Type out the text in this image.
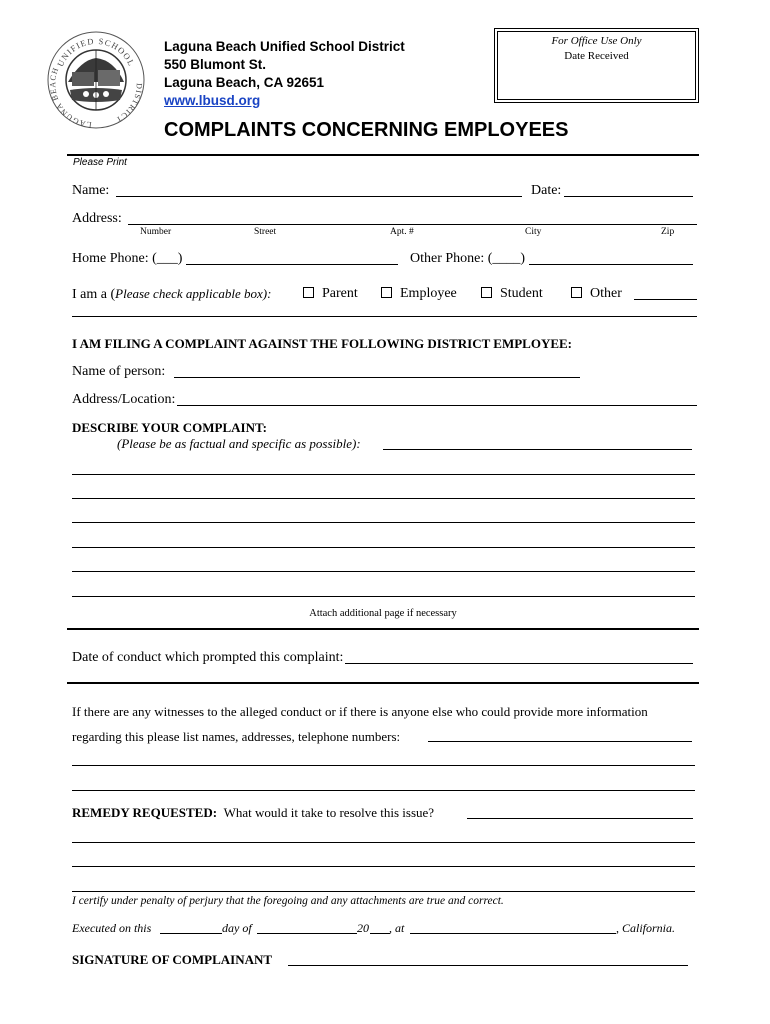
UNIFIED SCHOOL
LAGUNA BEACH
DISTRICT
Laguna Beach Unified School District
550 Blumont St.
Laguna Beach, CA 92651
www.lbusd.org
For Office Use Only
Date Received
COMPLAINTS CONCERNING EMPLOYEES
Please Print
Name:	Date:
Address:
Number	Street	Apt. #	City	Zip
Home Phone: (___)	Other Phone: (____)
I am a (Please check applicable box):	Parent	Employee	Student	Other
I AM FILING A COMPLAINT AGAINST THE FOLLOWING DISTRICT EMPLOYEE:
Name of person:
Address/Location:
DESCRIBE YOUR COMPLAINT:
(Please be as factual and specific as possible):
Attach additional page if necessary
Date of conduct which prompted this complaint:
If there are any witnesses to the alleged conduct or if there is anyone else who could provide more information
regarding this please list names, addresses, telephone numbers:
REMEDY REQUESTED: What would it take to resolve this issue?
I certify under penalty of perjury that the foregoing and any attachments are true and correct.
Executed on this	day of	20 , at	, California.
SIGNATURE OF COMPLAINANT
